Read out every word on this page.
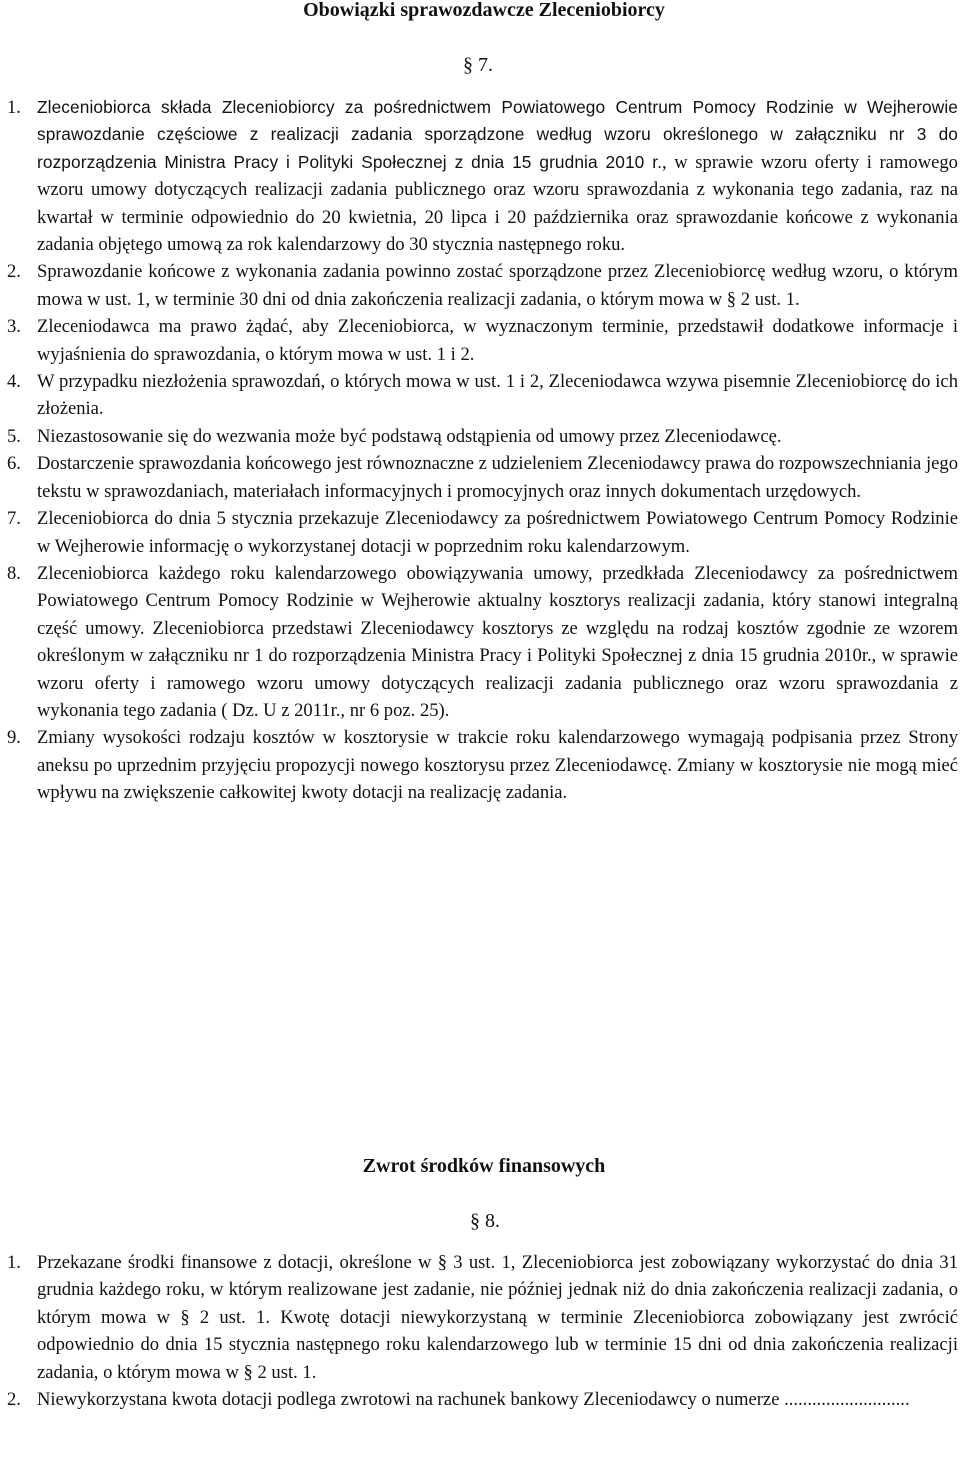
Obowiązki sprawozdawcze Zleceniobiorcy

§ 7.

1. Zleceniobiorca składa Zleceniobiorcy za pośrednictwem Powiatowego Centrum Pomocy Rodzinie w Wejherowie sprawozdanie częściowe z realizacji zadania sporządzone według wzoru określonego w załączniku nr 3 do rozporządzenia Ministra Pracy i Polityki Społecznej z dnia 15 grudnia 2010 r., w sprawie wzoru oferty i ramowego wzoru umowy dotyczących realizacji zadania publicznego oraz wzoru sprawozdania z wykonania tego zadania, raz na kwartał w terminie odpowiednio do 20 kwietnia, 20 lipca i 20 października oraz sprawozdanie końcowe z wykonania zadania objętego umową za rok kalendarzowy do 30 stycznia następnego roku.
2. Sprawozdanie końcowe z wykonania zadania powinno zostać sporządzone przez Zleceniobiorcę według wzoru, o którym mowa w ust. 1, w terminie 30 dni od dnia zakończenia realizacji zadania, o którym mowa w § 2 ust. 1.
3. Zleceniodawca ma prawo żądać, aby Zleceniobiorca, w wyznaczonym terminie, przedstawił dodatkowe informacje i wyjaśnienia do sprawozdania, o którym mowa w ust. 1 i 2.
4. W przypadku niezłożenia sprawozdań, o których mowa w ust. 1 i 2, Zleceniodawca wzywa pisemnie Zleceniobiorcę do ich złożenia.
5. Niezastosowanie się do wezwania może być podstawą odstąpienia od umowy przez Zleceniodawcę.
6. Dostarczenie sprawozdania końcowego jest równoznaczne z udzieleniem Zleceniodawcy prawa do rozpowszechniania jego tekstu w sprawozdaniach, materiałach informacyjnych i promocyjnych oraz innych dokumentach urzędowych.
7. Zleceniobiorca do dnia 5 stycznia przekazuje Zleceniodawcy za pośrednictwem Powiatowego Centrum Pomocy Rodzinie w Wejherowie informację o wykorzystanej dotacji w poprzednim roku kalendarzowym.
8. Zleceniobiorca każdego roku kalendarzowego obowiązywania umowy, przedkłada Zleceniodawcy za pośrednictwem Powiatowego Centrum Pomocy Rodzinie w Wejherowie aktualny kosztorys realizacji zadania, który stanowi integralną część umowy. Zleceniobiorca przedstawi Zleceniodawcy kosztorys ze względu na rodzaj kosztów zgodnie ze wzorem określonym w załączniku nr 1 do rozporządzenia Ministra Pracy i Polityki Społecznej z dnia 15 grudnia 2010r., w sprawie wzoru oferty i ramowego wzoru umowy dotyczących realizacji zadania publicznego oraz wzoru sprawozdania z wykonania tego zadania ( Dz. U z 2011r., nr 6 poz. 25).
9. Zmiany wysokości rodzaju kosztów w kosztorysie w trakcie roku kalendarzowego wymagają podpisania przez Strony aneksu po uprzednim przyjęciu propozycji nowego kosztorysu przez Zleceniodawcę. Zmiany w kosztorysie nie mogą mieć wpływu na zwiększenie całkowitej kwoty dotacji na realizację zadania.
Zwrot środków finansowych

§ 8.

1. Przekazane środki finansowe z dotacji, określone w § 3 ust. 1, Zleceniobiorca jest zobowiązany wykorzystać do dnia 31 grudnia każdego roku, w którym realizowane jest zadanie, nie później jednak niż do dnia zakończenia realizacji zadania, o którym mowa w § 2 ust. 1. Kwotę dotacji niewykorzystaną w terminie Zleceniobiorca zobowiązany jest zwrócić odpowiednio do dnia 15 stycznia następnego roku kalendarzowego lub w terminie 15 dni od dnia zakończenia realizacji zadania, o którym mowa w § 2 ust. 1.
2. Niewykorzystana kwota dotacji podlega zwrotowi na rachunek bankowy Zleceniodawcy o numerze ...........................
